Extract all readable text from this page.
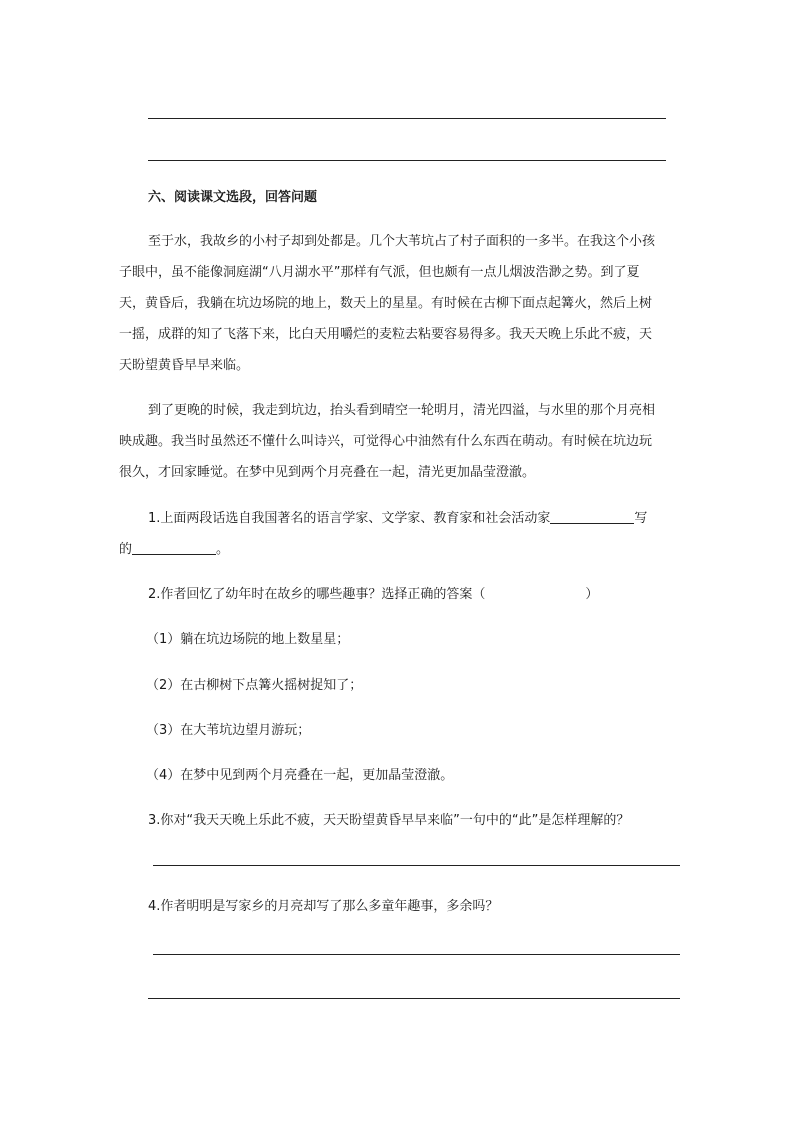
六、阅读课文选段，回答问题
至于水，我故乡的小村子却到处都是。几个大苇坑占了村子面积的一多半。在我这个小孩
子眼中，虽不能像洞庭湖“八月湖水平”那样有气派，但也颇有一点儿烟波浩渺之势。到了夏
天，黄昏后，我躺在坑边场院的地上，数天上的星星。有时候在古柳下面点起篝火，然后上树
一摇，成群的知了飞落下来，比白天用嚼烂的麦粒去粘要容易得多。我天天晚上乐此不疲，天
天盼望黄昏早早来临。
到了更晚的时候，我走到坑边，抬头看到晴空一轮明月，清光四溢，与水里的那个月亮相
映成趣。我当时虽然还不懂什么叫诗兴，可觉得心中油然有什么东西在萌动。有时候在坑边玩
很久，才回家睡觉。在梦中见到两个月亮叠在一起，清光更加晶莹澄澈。
1.上面两段话选自我国著名的语言学家、文学家、教育家和社会活动家	写
的	。
2.作者回忆了幼年时在故乡的哪些趣事？选择正确的答案（	）
（1）躺在坑边场院的地上数星星；
（2）在古柳树下点篝火摇树捉知了；
（3）在大苇坑边望月游玩；
（4）在梦中见到两个月亮叠在一起，更加晶莹澄澈。
3.你对“我天天晚上乐此不疲，天天盼望黄昏早早来临”一句中的“此”是怎样理解的？
4.作者明明是写家乡的月亮却写了那么多童年趣事，多余吗？
